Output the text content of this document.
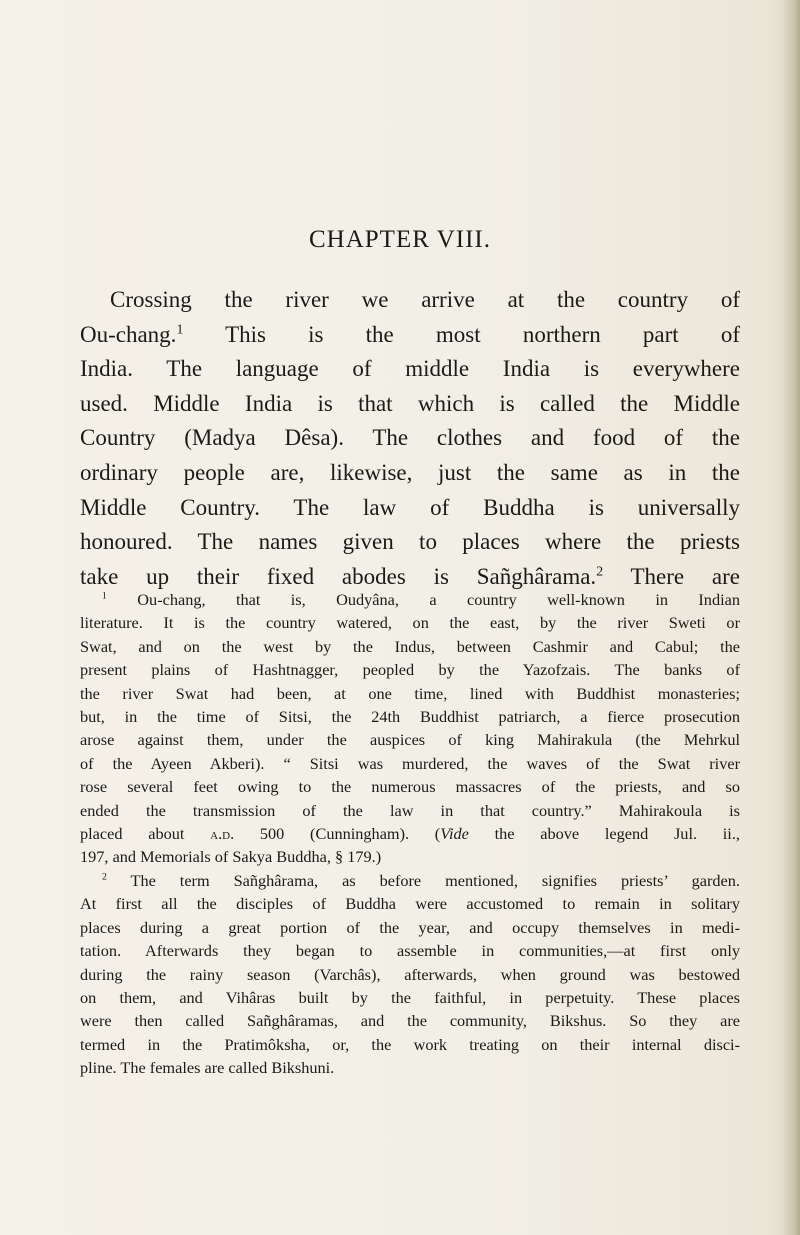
CHAPTER VIII.
Crossing the river we arrive at the country of
Ou-chang.$^1$ This is the most northern part of
India. The language of middle India is everywhere
used. Middle India is that which is called the Middle
Country (Madya Dêsa). The clothes and food of the
ordinary people are, likewise, just the same as in the
Middle Country. The law of Buddha is universally
honoured. The names given to places where the priests
take up their fixed abodes is Sañghârama.$^2$ There are
$^1$ Ou-chang, that is, Oudyâna, a country well-known in Indian
literature. It is the country watered, on the east, by the river Sweti or
Swat, and on the west by the Indus, between Cashmir and Cabul; the
present plains of Hashtnagger, peopled by the Yazofzais. The banks of
the river Swat had been, at one time, lined with Buddhist monasteries;
but, in the time of Sitsi, the 24th Buddhist patriarch, a fierce prosecution
arose against them, under the auspices of king Mahirakula (the Mehrkul
of the Ayeen Akberi). “ Sitsi was murdered, the waves of the Swat river
rose several feet owing to the numerous massacres of the priests, and so
ended the transmission of the law in that country.” Mahirakoula is
placed about a.d. 500 (Cunningham). (Vide the above legend Jul. ii.,
197, and Memorials of Sakya Buddha, § 179.)
$^2$ The term Sañghârama, as before mentioned, signifies priests’ garden.
At first all the disciples of Buddha were accustomed to remain in solitary
places during a great portion of the year, and occupy themselves in medi-
tation. Afterwards they began to assemble in communities,—at first only
during the rainy season (Varchâs), afterwards, when ground was bestowed
on them, and Vihâras built by the faithful, in perpetuity. These places
were then called Sañghâramas, and the community, Bikshus. So they are
termed in the Pratimôksha, or, the work treating on their internal disci-
pline. The females are called Bikshuni.
